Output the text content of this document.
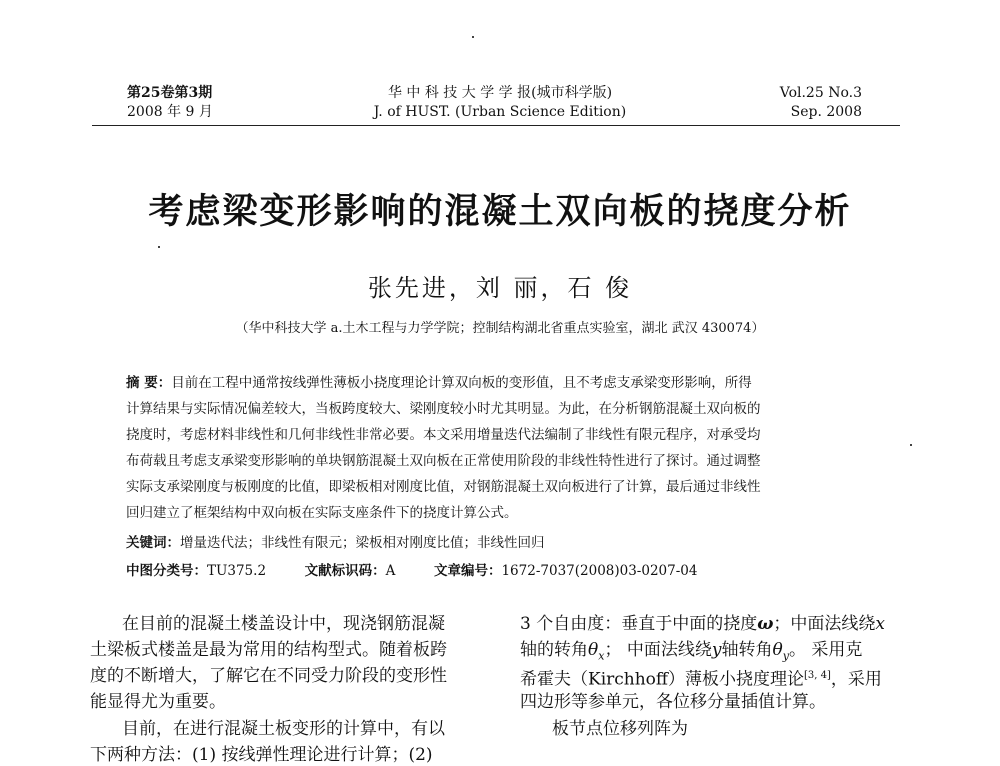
第25卷第3期
2008 年 9 月
华 中 科 技 大 学 学 报(城市科学版)
J. of HUST. (Urban Science Edition)
Vol.25 No.3
Sep. 2008
考虑梁变形影响的混凝土双向板的挠度分析
张先进，刘 丽，石 俊
（华中科技大学 a.土木工程与力学学院；控制结构湖北省重点实验室，湖北 武汉 430074）
摘 要：目前在工程中通常按线弹性薄板小挠度理论计算双向板的变形值，且不考虑支承梁变形影响，所得
计算结果与实际情况偏差较大，当板跨度较大、梁刚度较小时尤其明显。为此，在分析钢筋混凝土双向板的
挠度时，考虑材料非线性和几何非线性非常必要。本文采用增量迭代法编制了非线性有限元程序，对承受均
布荷载且考虑支承梁变形影响的单块钢筋混凝土双向板在正常使用阶段的非线性特性进行了探讨。通过调整
实际支承梁刚度与板刚度的比值，即梁板相对刚度比值，对钢筋混凝土双向板进行了计算，最后通过非线性
回归建立了框架结构中双向板在实际支座条件下的挠度计算公式。
关键词：增量迭代法；非线性有限元；梁板相对刚度比值；非线性回归
中图分类号：TU375.2	文献标识码：A	文章编号：1672-7037(2008)03-0207-04
在目前的混凝土楼盖设计中，现浇钢筋混凝
土梁板式楼盖是最为常用的结构型式。随着板跨
度的不断增大，了解它在不同受力阶段的变形性
能显得尤为重要。
目前，在进行混凝土板变形的计算中，有以
下两种方法：(1) 按线弹性理论进行计算；(2)
3 个自由度：垂直于中面的挠度ω；中面法线绕x
轴的转角$\theta_x$； 中面法线绕y轴转角$\theta_y$。 采用克
希霍夫（Kirchhoff）薄板小挠度理论[3, 4]，采用
四边形等参单元，各位移分量插值计算。
板节点位移列阵为
